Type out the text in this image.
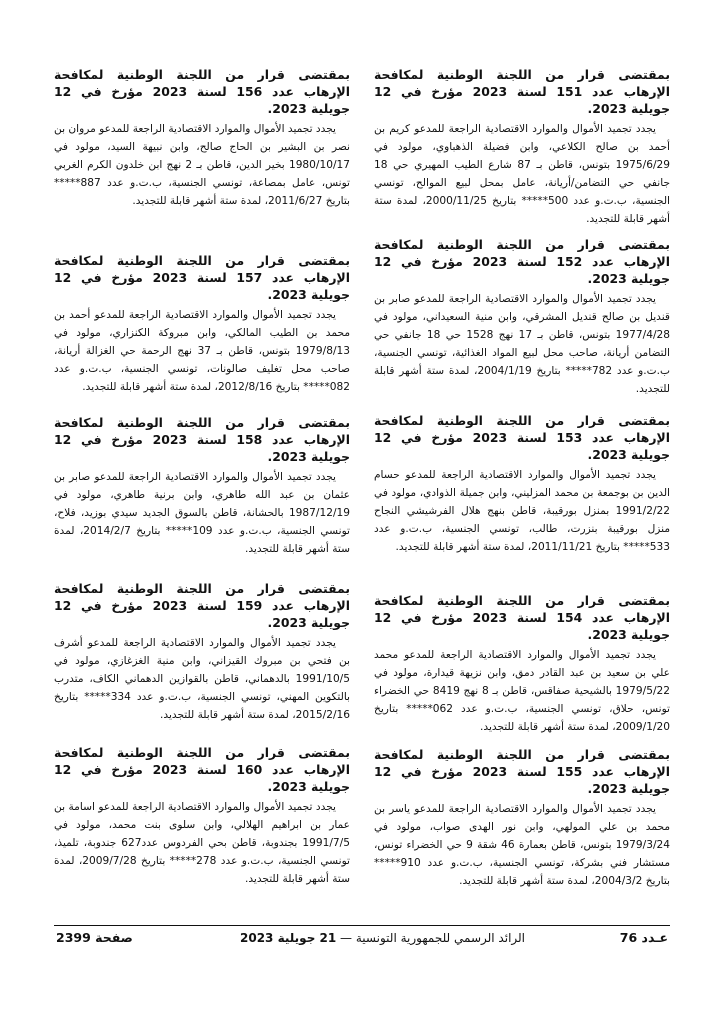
بمقتضى قرار من اللجنة الوطنية لمكافحة الإرهاب عدد 151 لسنة 2023 مؤرخ في 12 جويلية 2023.

يجدد تجميد الأموال والموارد الاقتصادية الراجعة للمدعو كريم بن أحمد بن صالح الكلاعي، وابن فضيلة الذهباوي، مولود في 1975/6/29 بتونس، قاطن بـ 87 شارع الطيب المهيري حي 18 جانفي حي التضامن/أريانة، عامل بمحل لبيع الموالح، تونسي الجنسية، ب.ت.و عدد 500***** بتاريخ 2000/11/25، لمدة ستة أشهر قابلة للتجديد.

بمقتضى قرار من اللجنة الوطنية لمكافحة الإرهاب عدد 152 لسنة 2023 مؤرخ في 12 جويلية 2023.

يجدد تجميد الأموال والموارد الاقتصادية الراجعة للمدعو صابر بن قنديل بن صالح قنديل المشرقي، وابن منية السعيداني، مولود في 1977/4/28 بتونس، قاطن بـ 17 نهج 1528 حي 18 جانفي حي التضامن أريانة، صاحب محل لبيع المواد الغذائية، تونسي الجنسية، ب.ت.و عدد 782***** بتاريخ 2004/1/19، لمدة ستة أشهر قابلة للتجديد.

بمقتضى قرار من اللجنة الوطنية لمكافحة الإرهاب عدد 153 لسنة 2023 مؤرخ في 12 جويلية 2023.

يجدد تجميد الأموال والموارد الاقتصادية الراجعة للمدعو حسام الدين بن بوجمعة بن محمد المزليني، وابن جميلة الذوادي، مولود في 1991/2/22 بمنزل بورقيبة، قاطن بنهج هلال الفرشيشي النجاح منزل بورقيبة بنزرت، طالب، تونسي الجنسية، ب.ت.و عدد 533***** بتاريخ 2011/11/21، لمدة ستة أشهر قابلة للتجديد.

بمقتضى قرار من اللجنة الوطنية لمكافحة الإرهاب عدد 154 لسنة 2023 مؤرخ في 12 جويلية 2023.

يجدد تجميد الأموال والموارد الاقتصادية الراجعة للمدعو محمد علي بن سعيد بن عبد القادر دمق، وابن نزيهة قيدارة، مولود في 1979/5/22 بالشيحية صفاقس، قاطن بـ 8 نهج 8419 حي الخضراء تونس، حلاق، تونسي الجنسية، ب.ت.و عدد 062***** بتاريخ 2009/1/20، لمدة ستة أشهر قابلة للتجديد.

بمقتضى قرار من اللجنة الوطنية لمكافحة الإرهاب عدد 155 لسنة 2023 مؤرخ في 12 جويلية 2023.

يجدد تجميد الأموال والموارد الاقتصادية الراجعة للمدعو ياسر بن محمد بن علي المولهي، وابن نور الهدى صواب، مولود في 1979/3/24 بتونس، قاطن بعمارة 46 شقة 9 حي الخضراء تونس، مستشار فني بشركة، تونسي الجنسية، ب.ت.و عدد 910***** بتاريخ 2004/3/2، لمدة ستة أشهر قابلة للتجديد.

بمقتضى قرار من اللجنة الوطنية لمكافحة الإرهاب عدد 156 لسنة 2023 مؤرخ في 12 جويلية 2023.

يجدد تجميد الأموال والموارد الاقتصادية الراجعة للمدعو مروان بن نصر بن البشير بن الحاج صالح، وابن نبيهة السيد، مولود في 1980/10/17 بخير الدين، قاطن بـ 2 نهج ابن خلدون الكرم الغربي تونس، عامل بمصاعة، تونسي الجنسية، ب.ت.و عدد 887***** بتاريخ 2011/6/27، لمدة ستة أشهر قابلة للتجديد.

بمقتضى قرار من اللجنة الوطنية لمكافحة الإرهاب عدد 157 لسنة 2023 مؤرخ في 12 جويلية 2023.

يجدد تجميد الأموال والموارد الاقتصادية الراجعة للمدعو أحمد بن محمد بن الطيب المالكي، وابن مبروكة الكنزاري، مولود في 1979/8/13 بتونس، قاطن بـ 37 نهج الرحمة حي الغزالة أريانة، صاحب محل تغليف صالونات، تونسي الجنسية، ب.ت.و عدد 082***** بتاريخ 2012/8/16، لمدة ستة أشهر قابلة للتجديد.

بمقتضى قرار من اللجنة الوطنية لمكافحة الإرهاب عدد 158 لسنة 2023 مؤرخ في 12 جويلية 2023.

يجدد تجميد الأموال والموارد الاقتصادية الراجعة للمدعو صابر بن عثمان بن عبد الله طاهري، وابن برنية طاهري، مولود في 1987/12/19 بالحشانة، قاطن بالسوق الجديد سيدي بوزيد، فلاح، تونسي الجنسية، ب.ت.و عدد 109***** بتاريخ 2014/2/7، لمدة ستة أشهر قابلة للتجديد.

بمقتضى قرار من اللجنة الوطنية لمكافحة الإرهاب عدد 159 لسنة 2023 مؤرخ في 12 جويلية 2023.

يجدد تجميد الأموال والموارد الاقتصادية الراجعة للمدعو أشرف بن فتحي بن مبروك القيزاني، وابن منية الغزغازي، مولود في 1991/10/5 بالدهماني، قاطن بالقوازين الدهماني الكاف، متدرب بالتكوين المهني، تونسي الجنسية، ب.ت.و عدد 334***** بتاريخ 2015/2/16، لمدة ستة أشهر قابلة للتجديد.

بمقتضى قرار من اللجنة الوطنية لمكافحة الإرهاب عدد 160 لسنة 2023 مؤرخ في 12 جويلية 2023.

يجدد تجميد الأموال والموارد الاقتصادية الراجعة للمدعو اسامة بن عمار بن ابراهيم الهلالي، وابن سلوى بنت محمد، مولود في 1991/7/5 بجندوبة، قاطن بحي الفردوس عدد627 جندوبة، تلميذ، تونسي الجنسية، ب.ت.و عدد 278***** بتاريخ 2009/7/28، لمدة ستة أشهر قابلة للتجديد.

عـدد 76
الرائد الرسمي للجمهورية التونسية — 21 جويلية 2023
صفحة 2399
